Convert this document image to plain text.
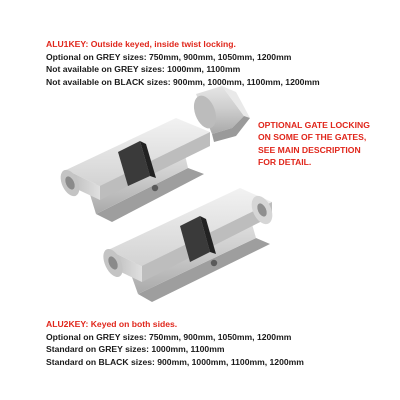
ALU1KEY: Outside keyed, inside twist locking.
Optional on GREY sizes: 750mm, 900mm, 1050mm, 1200mm
Not available on GREY sizes: 1000mm, 1100mm
Not available on BLACK sizes: 900mm, 1000mm, 1100mm, 1200mm
OPTIONAL GATE LOCKING
ON SOME OF THE GATES,
SEE MAIN DESCRIPTION
FOR DETAIL.
ALU2KEY: Keyed on both sides.
Optional on GREY sizes: 750mm, 900mm, 1050mm, 1200mm
Standard on GREY sizes: 1000mm, 1100mm
Standard on BLACK sizes: 900mm, 1000mm, 1100mm, 1200mm
